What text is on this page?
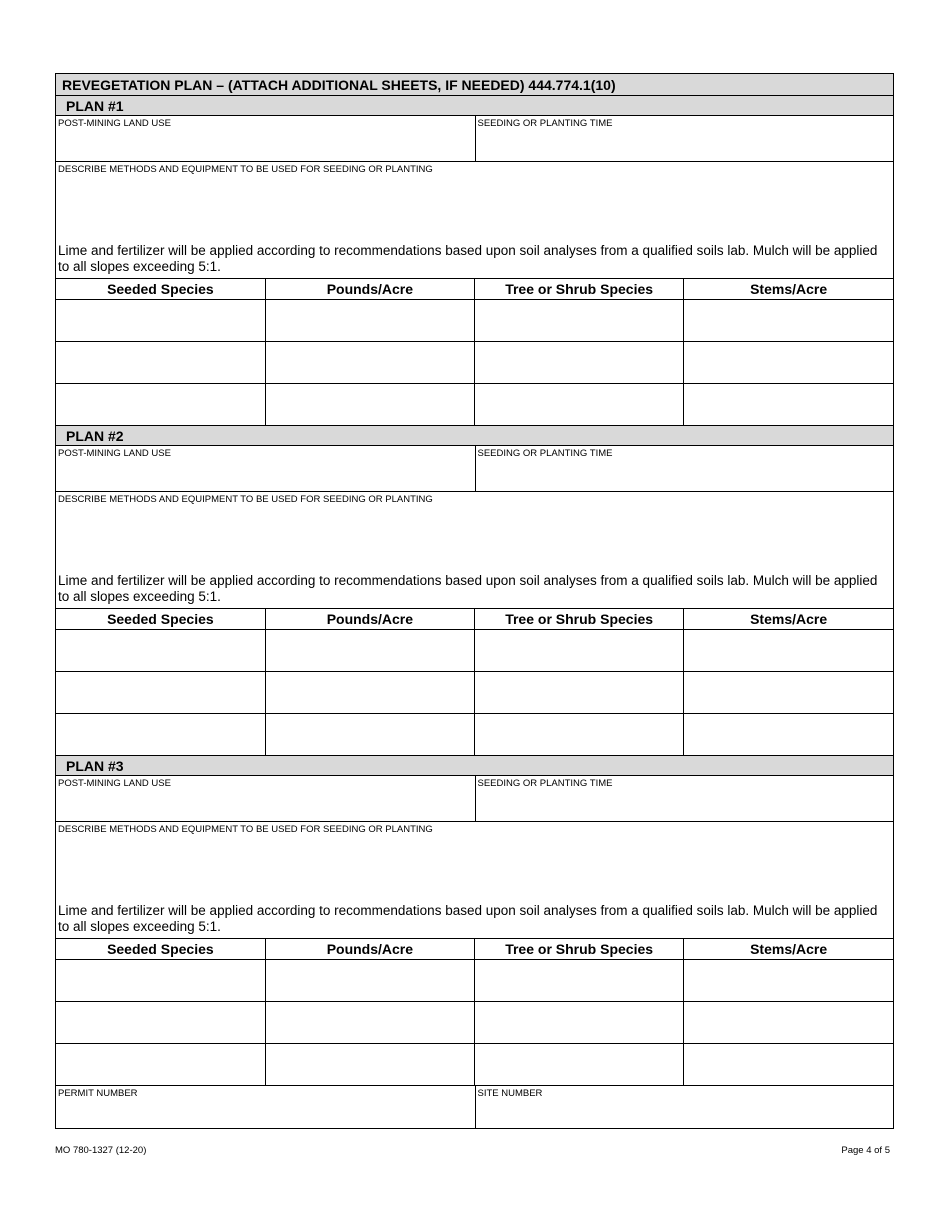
REVEGETATION PLAN – (ATTACH ADDITIONAL SHEETS, IF NEEDED) 444.774.1(10)
PLAN #1
POST-MINING LAND USE	SEEDING OR PLANTING TIME
DESCRIBE METHODS AND EQUIPMENT TO BE USED FOR SEEDING OR PLANTING
Lime and fertilizer will be applied according to recommendations based upon soil analyses from a qualified soils lab. Mulch will be applied to all slopes exceeding 5:1.
Seeded Species	Pounds/Acre	Tree or Shrub Species	Stems/Acre

PLAN #2
POST-MINING LAND USE	SEEDING OR PLANTING TIME
DESCRIBE METHODS AND EQUIPMENT TO BE USED FOR SEEDING OR PLANTING
Lime and fertilizer will be applied according to recommendations based upon soil analyses from a qualified soils lab. Mulch will be applied to all slopes exceeding 5:1.
Seeded Species	Pounds/Acre	Tree or Shrub Species	Stems/Acre

PLAN #3
POST-MINING LAND USE	SEEDING OR PLANTING TIME
DESCRIBE METHODS AND EQUIPMENT TO BE USED FOR SEEDING OR PLANTING
Lime and fertilizer will be applied according to recommendations based upon soil analyses from a qualified soils lab. Mulch will be applied to all slopes exceeding 5:1.
Seeded Species	Pounds/Acre	Tree or Shrub Species	Stems/Acre

PERMIT NUMBER	SITE NUMBER
MO 780-1327 (12-20)	Page 4 of 5
